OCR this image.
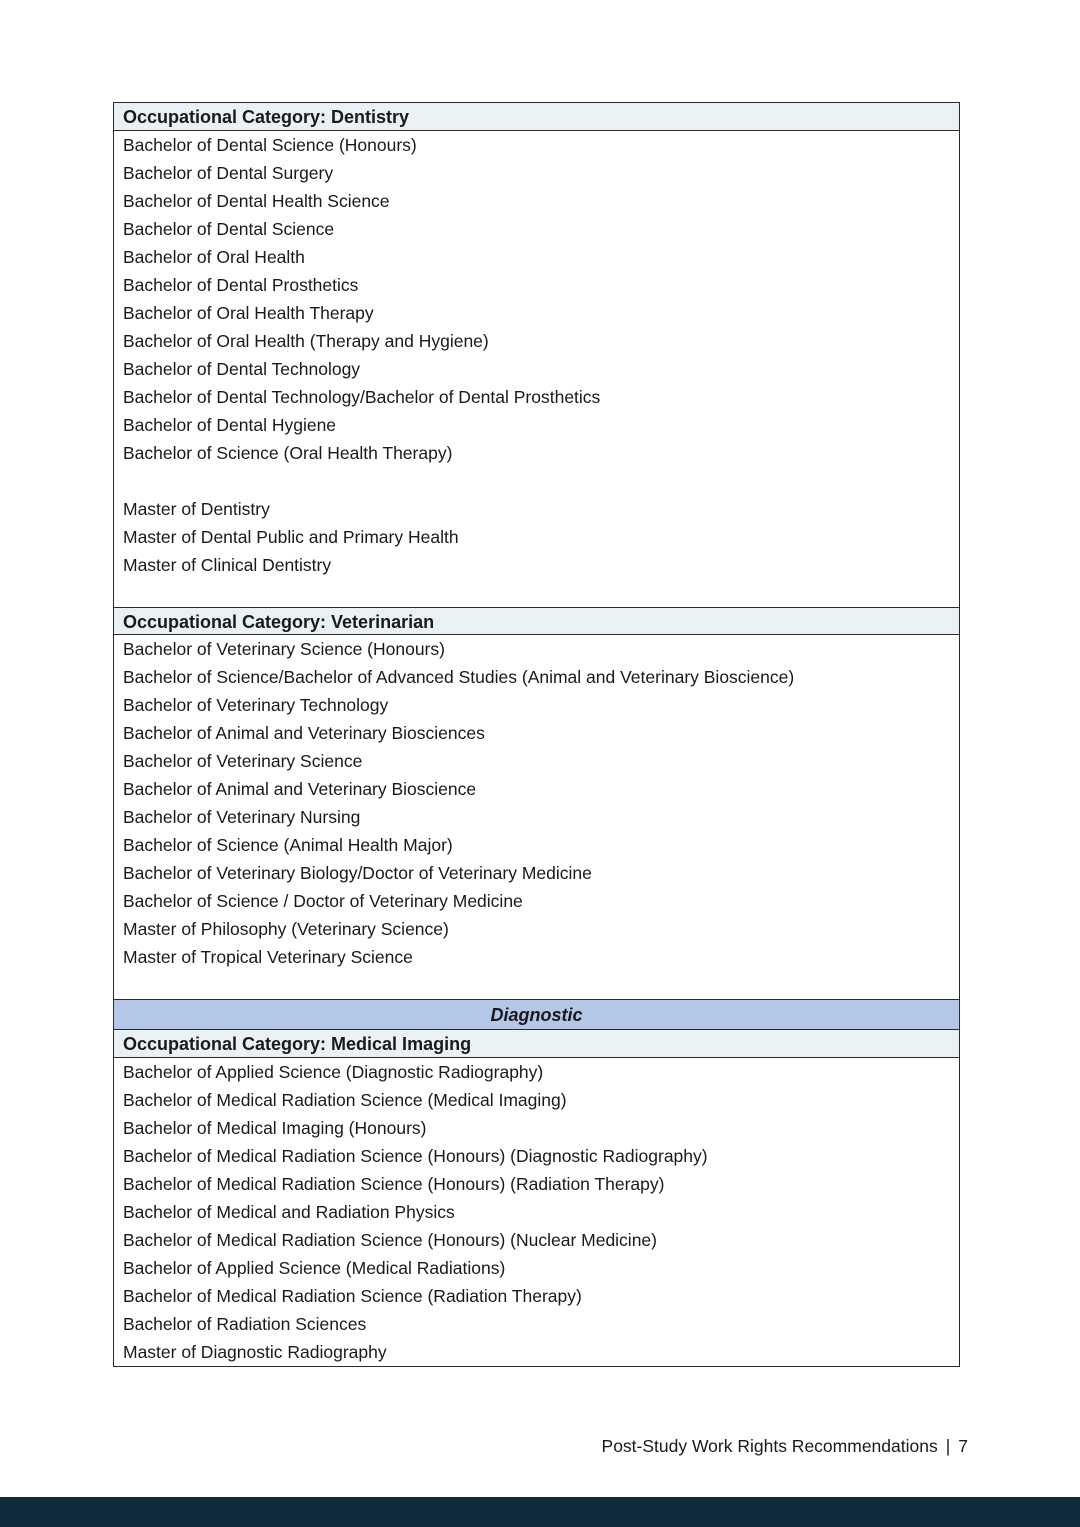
Occupational Category: Dentistry
Bachelor of Dental Science (Honours)
Bachelor of Dental Surgery
Bachelor of Dental Health Science
Bachelor of Dental Science
Bachelor of Oral Health
Bachelor of Dental Prosthetics
Bachelor of Oral Health Therapy
Bachelor of Oral Health (Therapy and Hygiene)
Bachelor of Dental Technology
Bachelor of Dental Technology/Bachelor of Dental Prosthetics
Bachelor of Dental Hygiene
Bachelor of Science (Oral Health Therapy)
Master of Dentistry
Master of Dental Public and Primary Health
Master of Clinical Dentistry
Occupational Category: Veterinarian
Bachelor of Veterinary Science (Honours)
Bachelor of Science/Bachelor of Advanced Studies (Animal and Veterinary Bioscience)
Bachelor of Veterinary Technology
Bachelor of Animal and Veterinary Biosciences
Bachelor of Veterinary Science
Bachelor of Animal and Veterinary Bioscience
Bachelor of Veterinary Nursing
Bachelor of Science (Animal Health Major)
Bachelor of Veterinary Biology/Doctor of Veterinary Medicine
Bachelor of Science / Doctor of Veterinary Medicine
Master of Philosophy (Veterinary Science)
Master of Tropical Veterinary Science
Diagnostic
Occupational Category: Medical Imaging
Bachelor of Applied Science (Diagnostic Radiography)
Bachelor of Medical Radiation Science (Medical Imaging)
Bachelor of Medical Imaging (Honours)
Bachelor of Medical Radiation Science (Honours) (Diagnostic Radiography)
Bachelor of Medical Radiation Science (Honours) (Radiation Therapy)
Bachelor of Medical and Radiation Physics
Bachelor of Medical Radiation Science (Honours) (Nuclear Medicine)
Bachelor of Applied Science (Medical Radiations)
Bachelor of Medical Radiation Science (Radiation Therapy)
Bachelor of Radiation Sciences
Master of Diagnostic Radiography
Post-Study Work Rights Recommendations | 7
